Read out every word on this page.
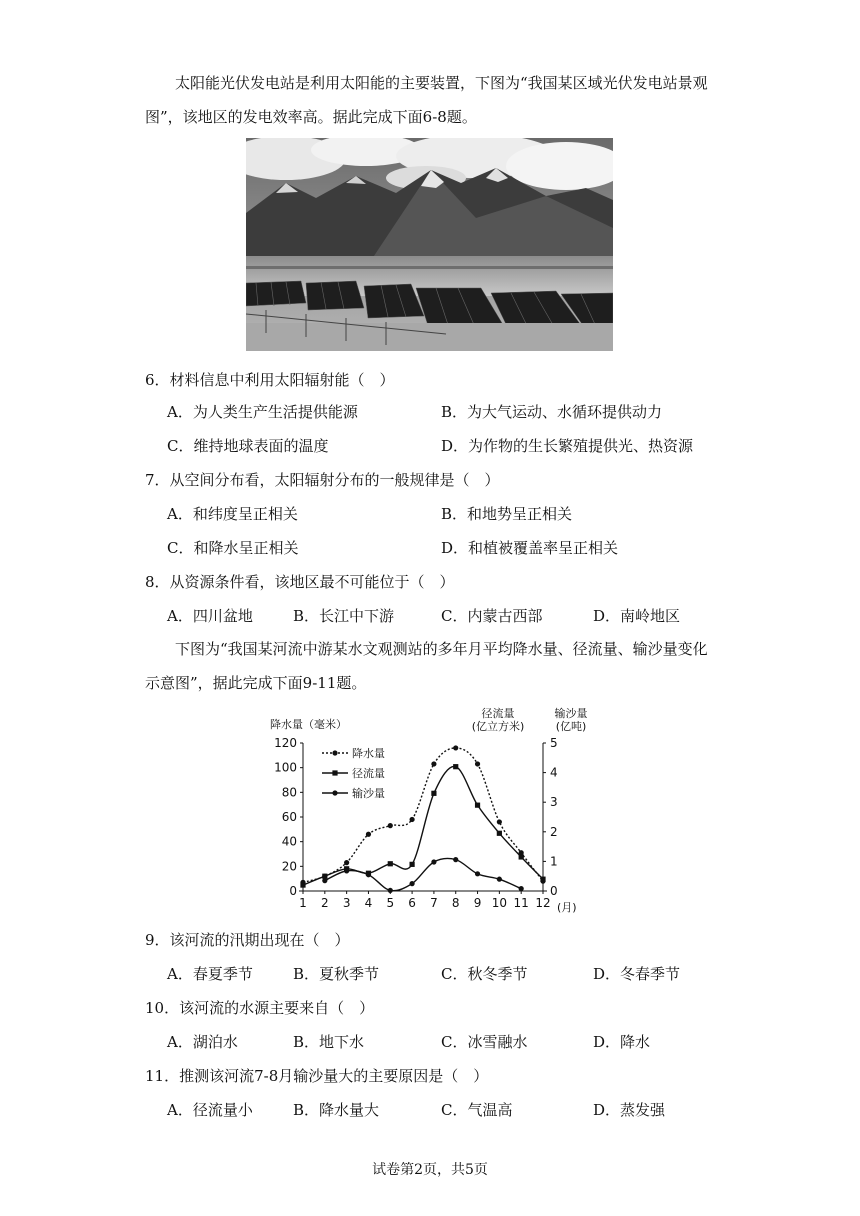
太阳能光伏发电站是利用太阳能的主要装置，下图为“我国某区域光伏发电站景观图”，该地区的发电效率高。据此完成下面6-8题。
6．材料信息中利用太阳辐射能（　）
A．为人类生产生活提供能源	B．为大气运动、水循环提供动力
C．维持地球表面的温度	D．为作物的生长繁殖提供光、热资源
7．从空间分布看，太阳辐射分布的一般规律是（　）
A．和纬度呈正相关	B．和地势呈正相关
C．和降水呈正相关	D．和植被覆盖率呈正相关
8．从资源条件看，该地区最不可能位于（　）
A．四川盆地	B．长江中下游	C．内蒙古西部	D．南岭地区
下图为“我国某河流中游某水文观测站的多年月平均降水量、径流量、输沙量变化示意图”，据此完成下面9-11题。
降水量（毫米）
径流量
(亿立方米)
输沙量
(亿吨)
(月)
0
20
40
60
80
100
120
0
1
2
3
4
5
1 2 3 4 5 6 7 8 9 10 11 12
降水量
径流量
输沙量
9．该河流的汛期出现在（　）
A．春夏季节	B．夏秋季节	C．秋冬季节	D．冬春季节
10．该河流的水源主要来自（　）
A．湖泊水	B．地下水	C．冰雪融水	D．降水
11．推测该河流7-8月输沙量大的主要原因是（　）
A．径流量小	B．降水量大	C．气温高	D．蒸发强
试卷第2页，共5页
